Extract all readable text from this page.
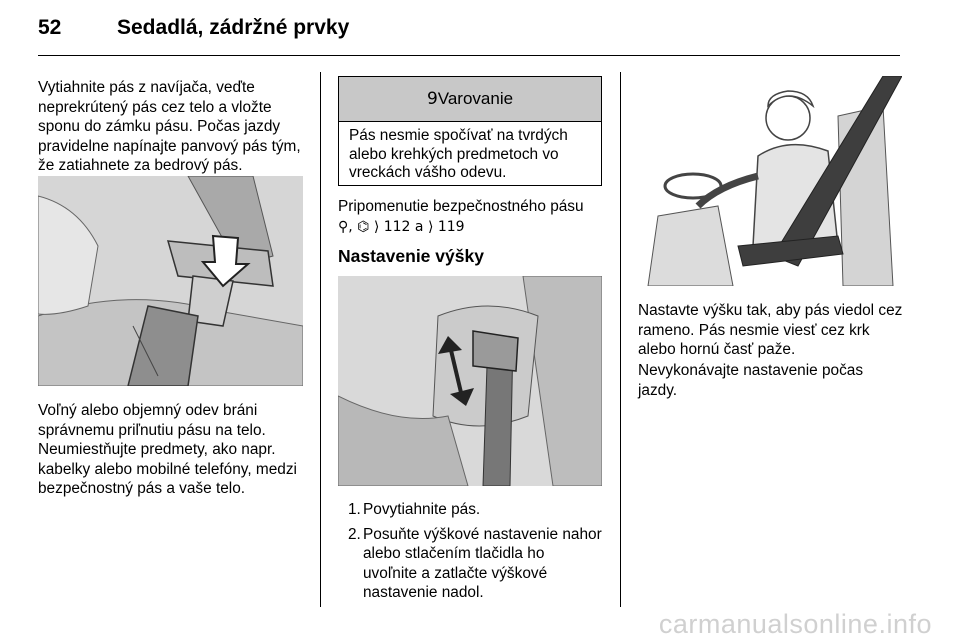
52	Sedadlá, zádržné prvky

Vytiahnite pás z navíjača, veďte neprekrútený pás cez telo a vložte sponu do zámku pásu. Počas jazdy pravidelne napínajte panvový pás tým, že zatiahnete za bedrový pás.

Voľný alebo objemný odev bráni správnemu priľnutiu pásu na telo. Neumiestňujte predmety, ako napr. kabelky alebo mobilné telefóny, medzi bezpečnostný pás a vaše telo.

9Varovanie
Pás nesmie spočívať na tvrdých alebo krehkých predmetoch vo vreckách vášho odevu.

Pripomenutie bezpečnostného pásu
⚲, ⌬ ⟩ 112 a ⟩ 119

Nastavenie výšky
1. Povytiahnite pás.
2. Posuňte výškové nastavenie nahor alebo stlačením tlačidla ho uvoľnite a zatlačte výškové nastavenie nadol.

Nastavte výšku tak, aby pás viedol cez rameno. Pás nesmie viesť cez krk alebo hornú časť paže.

Nevykonávajte nastavenie počas jazdy.

carmanualsonline.info
